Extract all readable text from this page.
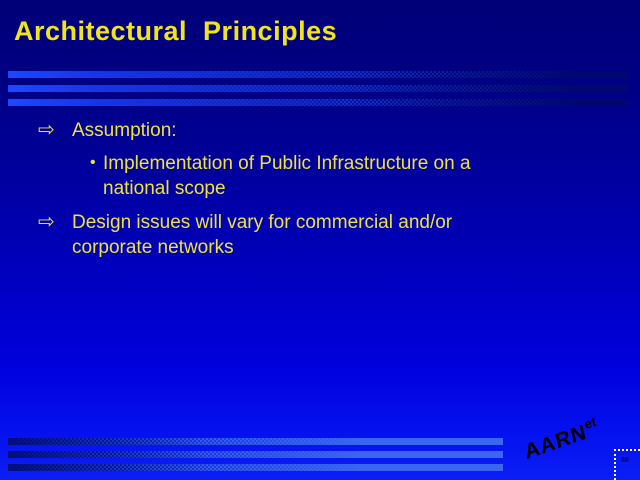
Architectural  Principles
⇨ Assumption:
• Implementation of Public Infrastructure on a national scope
⇨ Design issues will vary for commercial and/or corporate networks
$AARN^{et}$
88
